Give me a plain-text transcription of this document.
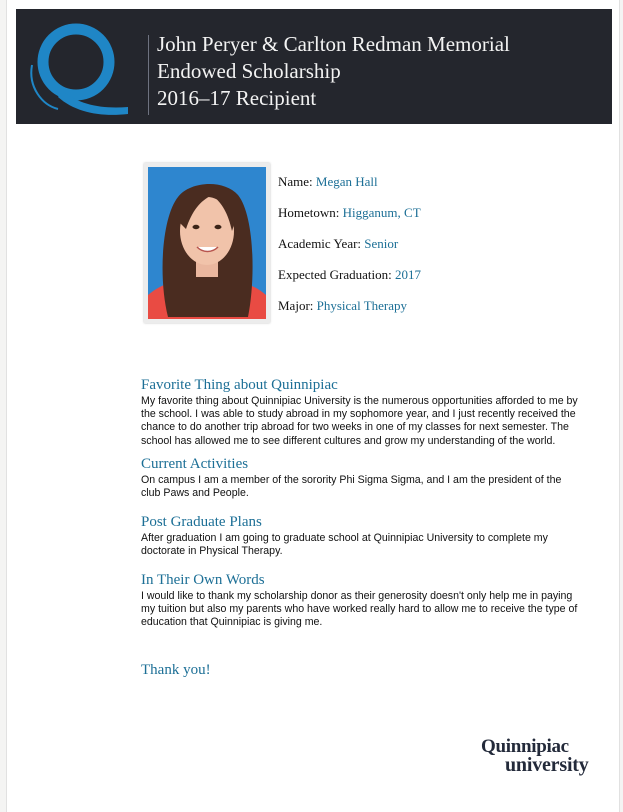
John Peryer & Carlton Redman Memorial
Endowed Scholarship
2016–17 Recipient
Name: Megan Hall
Hometown: Higganum, CT
Academic Year: Senior
Expected Graduation: 2017
Major: Physical Therapy
Favorite Thing about Quinnipiac

My favorite thing about Quinnipiac University is the numerous opportunities afforded to me by
the school. I was able to study abroad in my sophomore year, and I just recently received the
chance to do another trip abroad for two weeks in one of my classes for next semester. The
school has allowed me to see different cultures and grow my understanding of the world.

Current Activities

On campus I am a member of the sorority Phi Sigma Sigma, and I am the president of the
club Paws and People.

Post Graduate Plans

After graduation I am going to graduate school at Quinnipiac University to complete my
doctorate in Physical Therapy.

In Their Own Words

I would like to thank my scholarship donor as their generosity doesn't only help me in paying
my tuition but also my parents who have worked really hard to allow me to receive the type of
education that Quinnipiac is giving me.

Thank you!
Quinnipiac
university
